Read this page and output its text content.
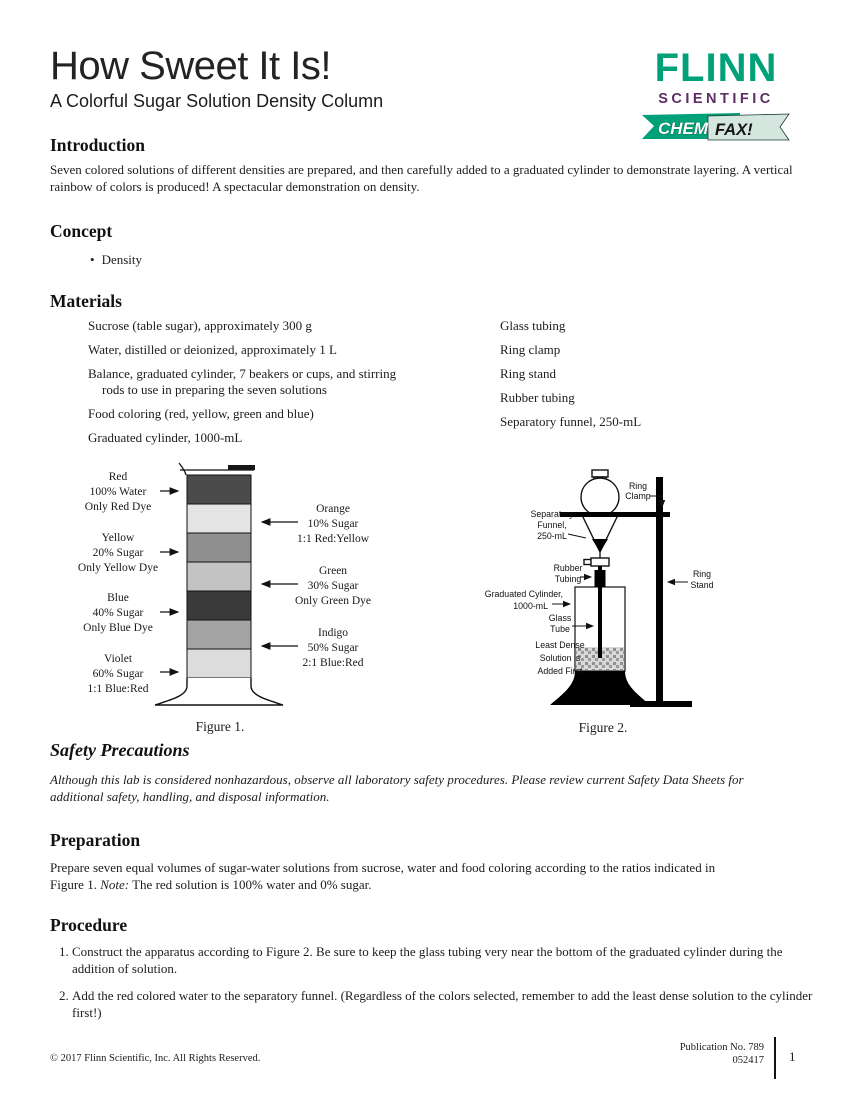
How Sweet It Is!
A Colorful Sugar Solution Density Column
FLINN
SCIENTIFIC
CHEM FAX!
Introduction

Seven colored solutions of different densities are prepared, and then carefully added to a graduated cylinder to demonstrate layering. A vertical rainbow of colors is produced! A spectacular demonstration on density.

Concept
• Density
Materials
Sucrose (table sugar), approximately 300 g
Water, distilled or deionized, approximately 1 L
Balance, graduated cylinder, 7 beakers or cups, and stirring rods to use in preparing the seven solutions
Food coloring (red, yellow, green and blue)
Graduated cylinder, 1000-mL
Glass tubing
Ring clamp
Ring stand
Rubber tubing
Separatory funnel, 250-mL
Red
100% Water
Only Red Dye
Yellow
20% Sugar
Only Yellow Dye
Blue
40% Sugar
Only Blue Dye
Violet
60% Sugar
1:1 Blue:Red
Orange
10% Sugar
1:1 Red:Yellow
Green
30% Sugar
Only Green Dye
Indigo
50% Sugar
2:1 Blue:Red
Figure 1.
Ring
Clamp
Separatory
Funnel,
250-mL
Rubber
Tubing	Ring
Stand
Graduated Cylinder,
1000-mL
Glass
Tube
Least Dense
Solution is
Added First
Figure 2.
Safety Precautions

Although this lab is considered nonhazardous, observe all laboratory safety procedures. Please review current Safety Data Sheets for additional safety, handling, and disposal information.

Preparation

Prepare seven equal volumes of sugar-water solutions from sucrose, water and food coloring according to the ratios indicated in Figure 1. Note: The red solution is 100% water and 0% sugar.

Procedure
1. Construct the apparatus according to Figure 2. Be sure to keep the glass tubing very near the bottom of the graduated cylinder during the addition of solution.
2. Add the red colored water to the separatory funnel. (Regardless of the colors selected, remember to add the least dense solution to the cylinder first!)
© 2017 Flinn Scientific, Inc. All Rights Reserved.
Publication No. 789
052417 1
